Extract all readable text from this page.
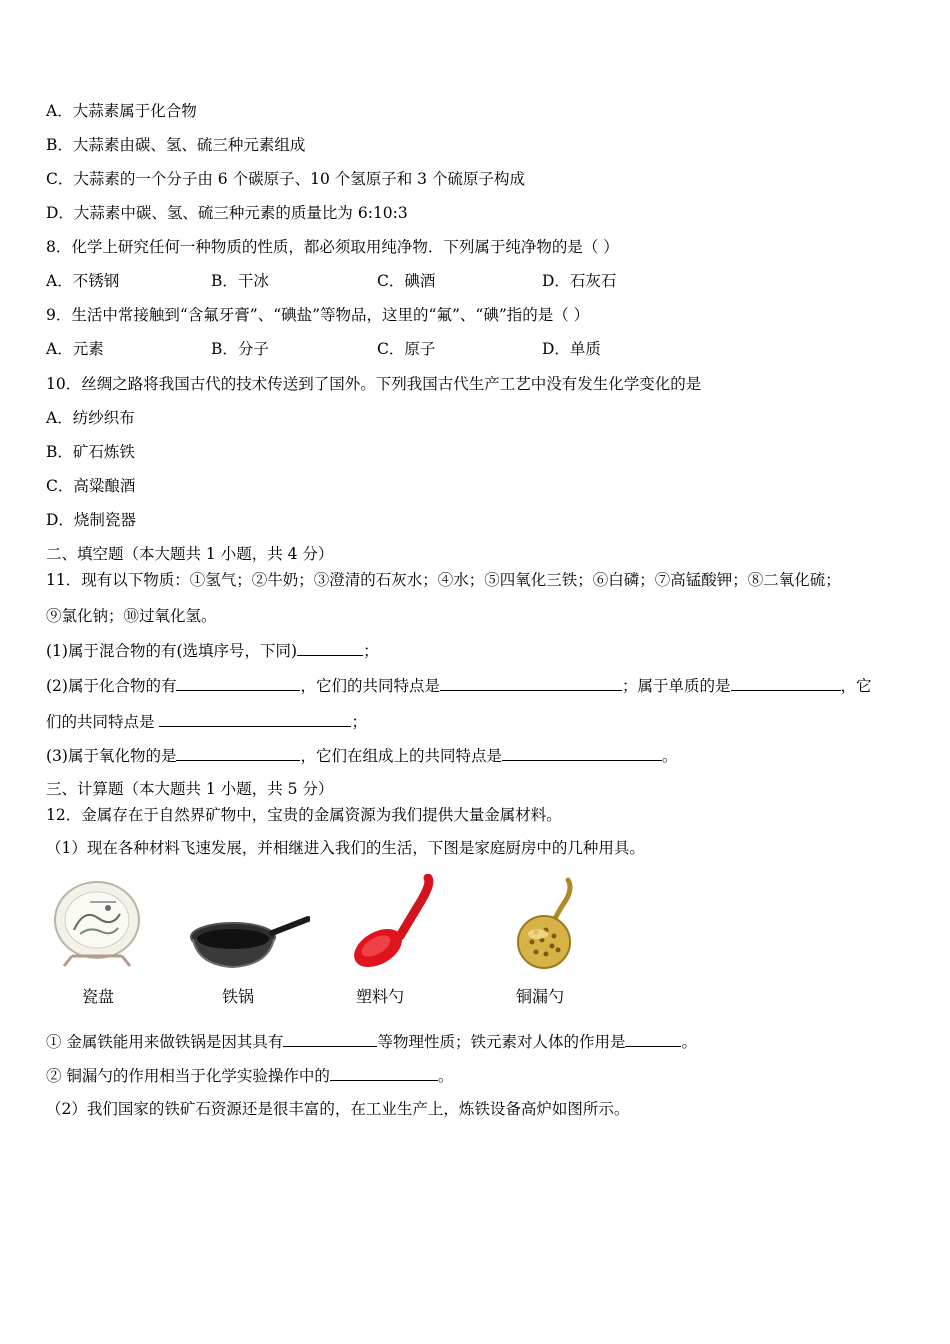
A．大蒜素属于化合物
B．大蒜素由碳、氢、硫三种元素组成
C．大蒜素的一个分子由 6 个碳原子、10 个氢原子和 3 个硫原子构成
D．大蒜素中碳、氢、硫三种元素的质量比为 6:10:3
8．化学上研究任何一种物质的性质，都必须取用纯净物．下列属于纯净物的是（ ）
A．不锈钢	B．干冰	C．碘酒	D．石灰石
9．生活中常接触到“含氟牙膏”、“碘盐”等物品，这里的“氟”、“碘”指的是（ ）
A．元素	B．分子	C．原子	D．单质
10．丝绸之路将我国古代的技术传送到了国外。下列我国古代生产工艺中没有发生化学变化的是
A．纺纱织布
B．矿石炼铁
C．高粱酿酒
D．烧制瓷器
二、填空题（本大题共 1 小题，共 4 分）
11．现有以下物质：①氢气；②牛奶；③澄清的石灰水；④水；⑤四氧化三铁；⑥白磷；⑦高锰酸钾；⑧二氧化硫；
⑨氯化钠；⑩过氧化氢。
(1)属于混合物的有(选填序号，下同)	；
(2)属于化合物的有	，它们的共同特点是	；属于单质的是	，它
们的共同特点是	；
(3)属于氧化物的是	，它们在组成上的共同特点是	。
三、计算题（本大题共 1 小题，共 5 分）
12．金属存在于自然界矿物中，宝贵的金属资源为我们提供大量金属材料。
（1）现在各种材料飞速发展，并相继进入我们的生活，下图是家庭厨房中的几种用具。
瓷盘	铁锅	塑料勺	铜漏勺
① 金属铁能用来做铁锅是因其具有	等物理性质；铁元素对人体的作用是	。
② 铜漏勺的作用相当于化学实验操作中的	。
（2）我们国家的铁矿石资源还是很丰富的，在工业生产上，炼铁设备高炉如图所示。
